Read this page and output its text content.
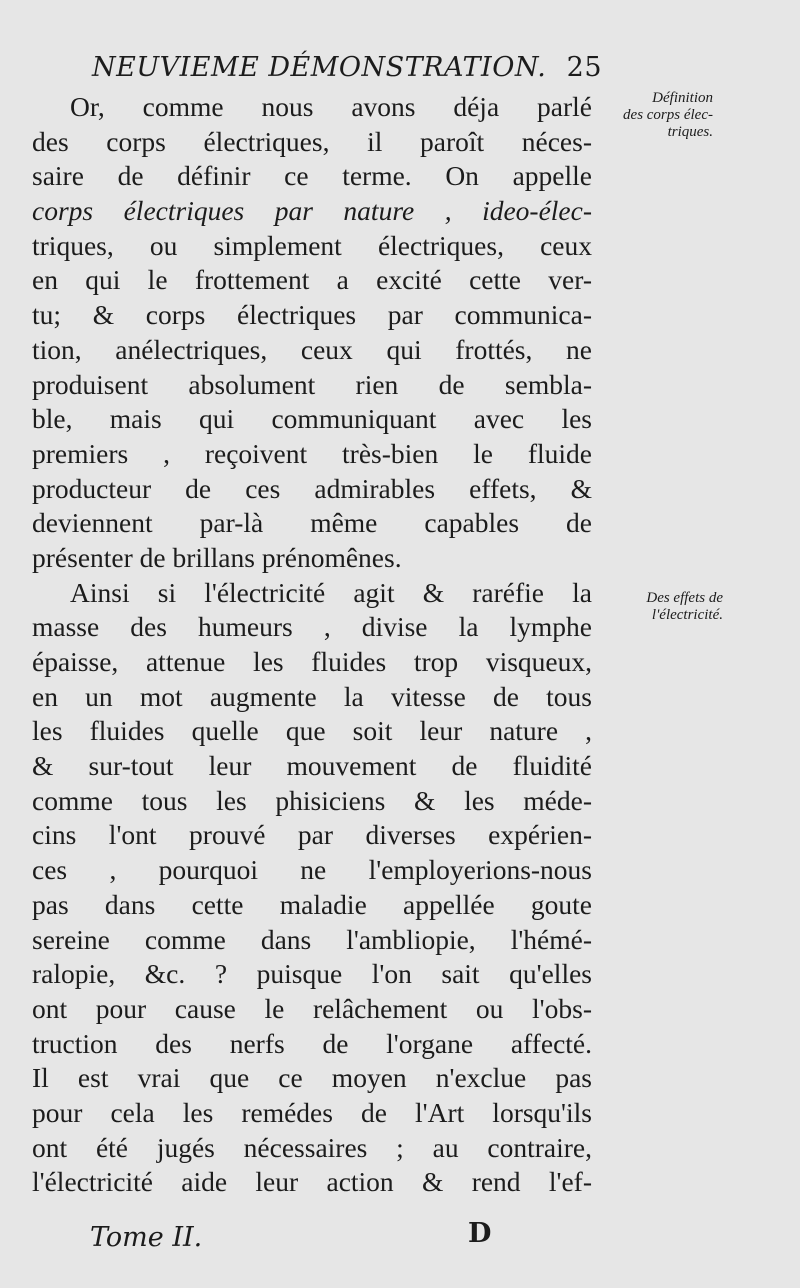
NEUVIEME DÉMONSTRATION. 25
Définition
des corps élec-
triques.
Des effets de
l'électricité.
Or, comme nous avons déja parlé
des corps électriques, il paroît néces-
saire de définir ce terme. On appelle
corps électriques par nature , ideo-élec-
triques, ou simplement électriques, ceux
en qui le frottement a excité cette ver-
tu; & corps électriques par communica-
tion, anélectriques, ceux qui frottés, ne
produisent absolument rien de sembla-
ble, mais qui communiquant avec les
premiers , reçoivent très-bien le fluide
producteur de ces admirables effets, &
deviennent par-là même capables de
présenter de brillans prénomênes.
Ainsi si l'électricité agit & raréfie la
masse des humeurs , divise la lymphe
épaisse, attenue les fluides trop visqueux,
en un mot augmente la vitesse de tous
les fluides quelle que soit leur nature ,
& sur-tout leur mouvement de fluidité
comme tous les phisiciens & les méde-
cins l'ont prouvé par diverses expérien-
ces , pourquoi ne l'employerions-nous
pas dans cette maladie appellée goute
sereine comme dans l'ambliopie, l'hémé-
ralopie, &c. ? puisque l'on sait qu'elles
ont pour cause le relâchement ou l'obs-
truction des nerfs de l'organe affecté.
Il est vrai que ce moyen n'exclue pas
pour cela les remédes de l'Art lorsqu'ils
ont été jugés nécessaires ; au contraire,
l'électricité aide leur action & rend l'ef-
Tome II.	D
